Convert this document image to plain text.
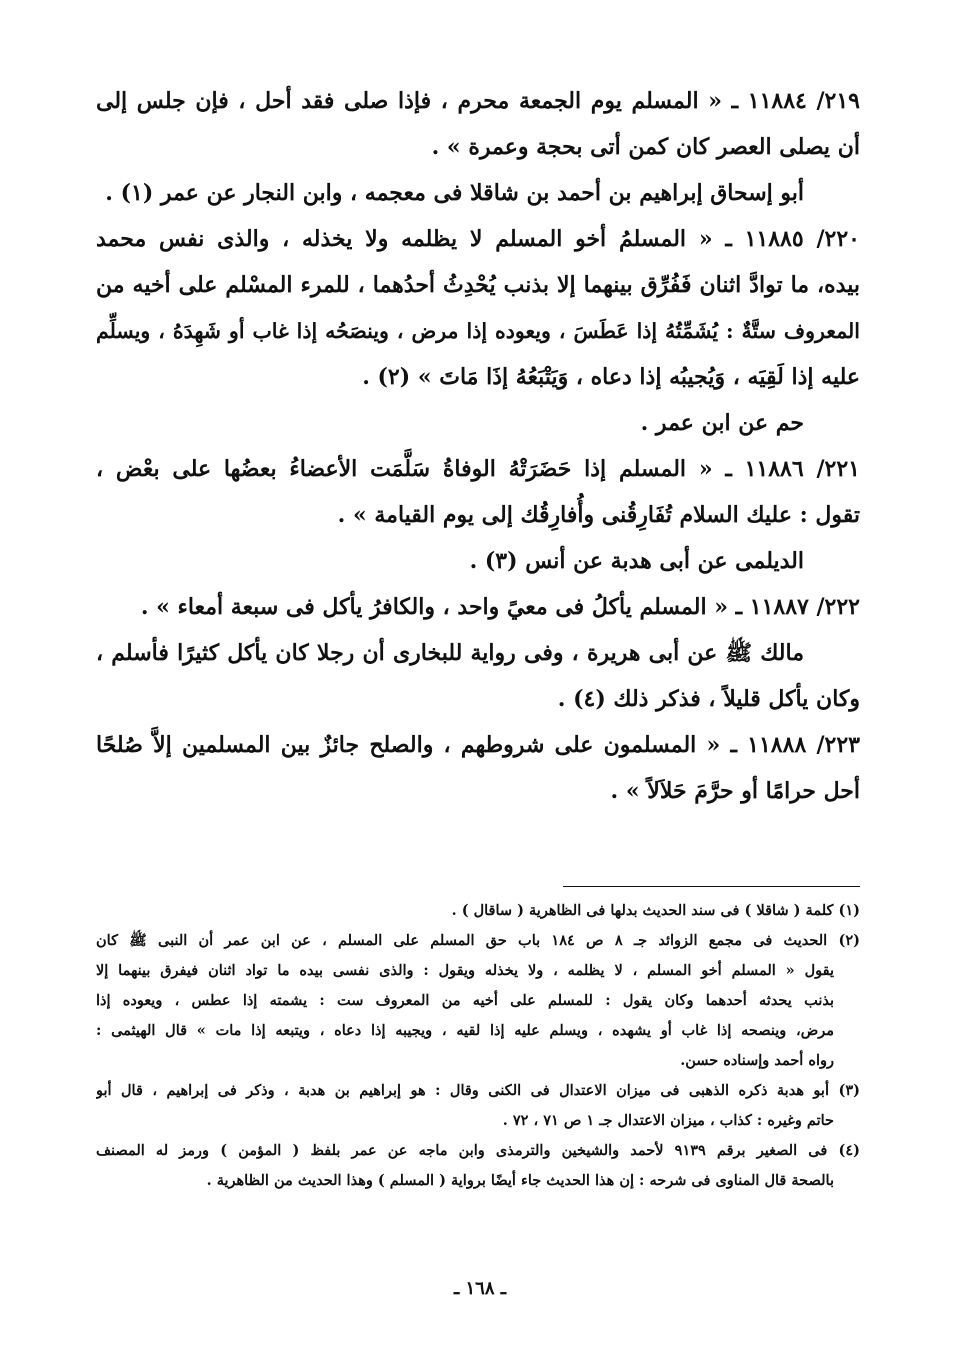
٢١٩/ ١١٨٨٤ ـ « المسلم يوم الجمعة محرم ، فإذا صلى فقد أحل ، فإن جلس إلى
أن يصلى العصر كان كمن أتى بحجة وعمرة » .
أبو إسحاق إبراهيم بن أحمد بن شاقلا فى معجمه ، وابن النجار عن عمر (١) .
٢٢٠/ ١١٨٨٥ ـ « المسلمُ أخو المسلم لا يظلمه ولا يخذله ، والذى نفس محمد
بيده، ما توادَّ اثنان فَفُرِّق بينهما إلا بذنب يُحْدِثُ أحدُهما ، للمرء المسْلم على أخيه من
المعروف ستَّةٌ : يُشَمِّتُهُ إذا عَطَسَ ، ويعوده إذا مرض ، وينصَحُه إذا غاب أو شَهِدَهُ ، ويسلِّم
عليه إذا لَقِيَه ، وَيُجيبُه إذا دعاه ، وَيَتْبَعُهُ إذَا مَاتَ » (٢) .
حم عن ابن عمر .
٢٢١/ ١١٨٨٦ ـ « المسلم إذا حَضَرَتْهُ الوفاةُ سَلَّمَت الأعضاءُ بعضُها على بعْض ،
تقول : عليك السلام تُفَارِقُنى وأُفارِقُك إلى يوم القيامة » .
الديلمى عن أبى هدبة عن أنس (٣) .
٢٢٢/ ١١٨٨٧ ـ « المسلم يأكلُ فى معيً واحد ، والكافرُ يأكل فى سبعة أمعاء » .
مالك ﷺ عن أبى هريرة ، وفى رواية للبخارى أن رجلا كان يأكل كثيرًا فأسلم ،
وكان يأكل قليلاً ، فذكر ذلك (٤) .
٢٢٣/ ١١٨٨٨ ـ « المسلمون على شروطهم ، والصلح جائزٌ بين المسلمين إلاَّ صُلحًا
أحل حرامًا أو حرَّمَ حَلاَلاً » .
(١) كلمة ( شاقلا ) فى سند الحديث بدلها فى الظاهرية ( ساقال ) .
(٢) الحديث فى مجمع الزوائد جـ ٨ ص ١٨٤ باب حق المسلم على المسلم ، عن ابن عمر أن النبى ﷺ كان
يقول « المسلم أخو المسلم ، لا يظلمه ، ولا يخذله ويقول : والذى نفسى بيده ما تواد اثنان فيفرق بينهما إلا
بذنب يحدثه أحدهما وكان يقول : للمسلم على أخيه من المعروف ست : يشمته إذا عطس ، ويعوده إذا
مرض، وينصحه إذا غاب أو يشهده ، ويسلم عليه إذا لقيه ، ويجيبه إذا دعاه ، ويتبعه إذا مات » قال الهيثمى :
رواه أحمد وإسناده حسن.
(٣) أبو هدبة ذكره الذهبى فى ميزان الاعتدال فى الكنى وقال : هو إبراهيم بن هدبة ، وذكر فى إبراهيم ، قال أبو
حاتم وغيره : كذاب ، ميزان الاعتدال جـ ١ ص ٧١ ، ٧٢ .
(٤) فى الصغير برقم ٩١٣٩ لأحمد والشيخين والترمذى وابن ماجه عن عمر بلفظ ( المؤمن ) ورمز له المصنف
بالصحة قال المناوى فى شرحه : إن هذا الحديث جاء أيضًا برواية ( المسلم ) وهذا الحديث من الظاهرية .
ـ ١٦٨ ـ
